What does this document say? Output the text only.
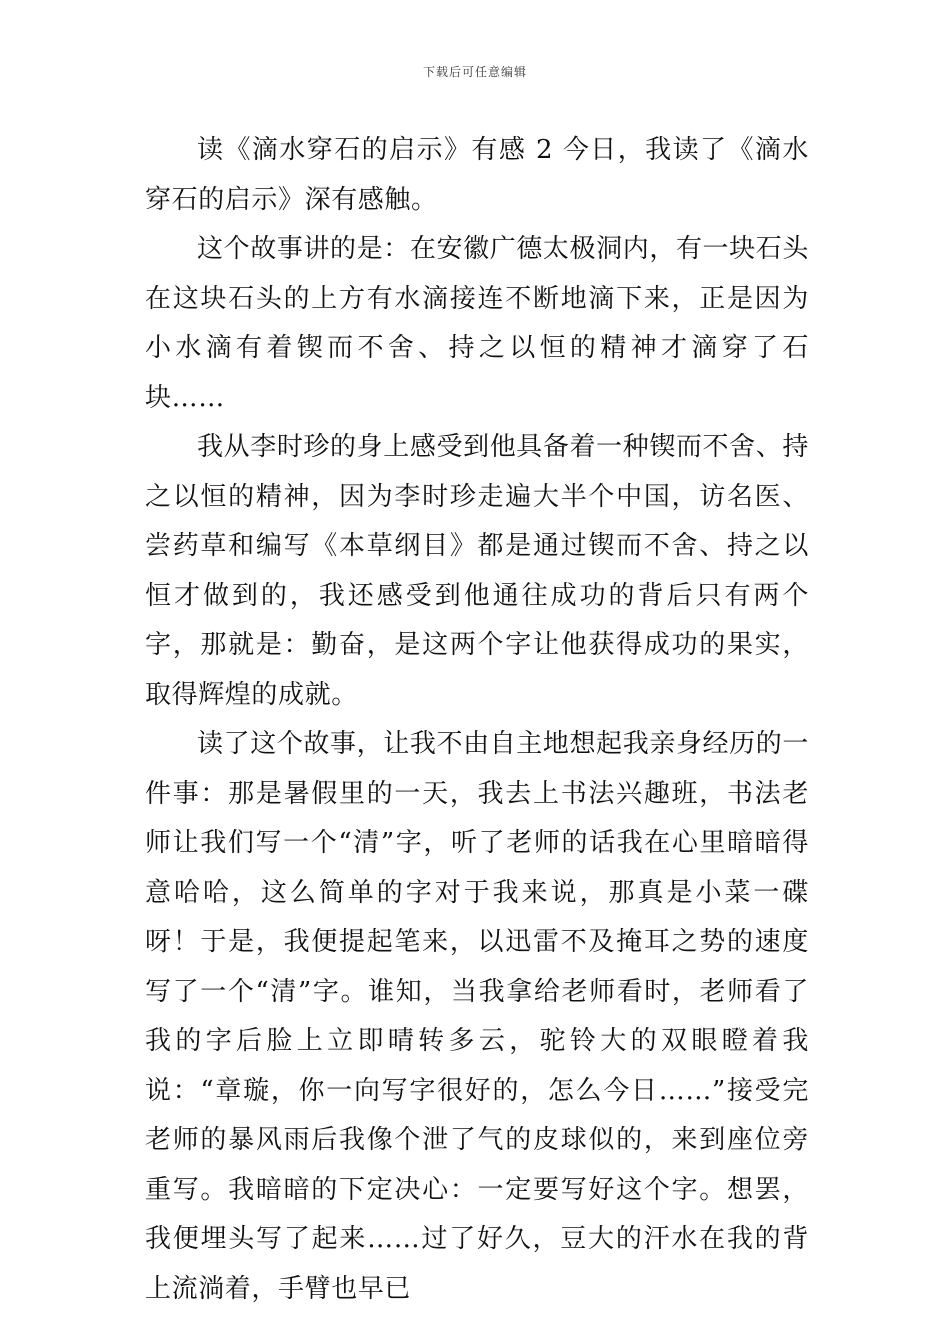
下载后可任意编辑

读《滴水穿石的启示》有感 2 今日，我读了《滴水穿石的启示》深有感触。

这个故事讲的是：在安徽广德太极洞内，有一块石头在这块石头的上方有水滴接连不断地滴下来，正是因为小水滴有着锲而不舍、持之以恒的精神才滴穿了石块……

我从李时珍的身上感受到他具备着一种锲而不舍、持之以恒的精神，因为李时珍走遍大半个中国，访名医、尝药草和编写《本草纲目》都是通过锲而不舍、持之以恒才做到的，我还感受到他通往成功的背后只有两个字，那就是：勤奋，是这两个字让他获得成功的果实，取得辉煌的成就。

读了这个故事，让我不由自主地想起我亲身经历的一件事：那是暑假里的一天，我去上书法兴趣班，书法老师让我们写一个“清”字，听了老师的话我在心里暗暗得意哈哈，这么简单的字对于我来说，那真是小菜一碟呀！于是，我便提起笔来，以迅雷不及掩耳之势的速度写了一个“清”字。谁知，当我拿给老师看时，老师看了我的字后脸上立即晴转多云，驼铃大的双眼瞪着我说：“章璇，你一向写字很好的，怎么今日……”接受完老师的暴风雨后我像个泄了气的皮球似的，来到座位旁重写。我暗暗的下定决心：一定要写好这个字。想罢，我便埋头写了起来……过了好久，豆大的汗水在我的背上流淌着，手臂也早已
